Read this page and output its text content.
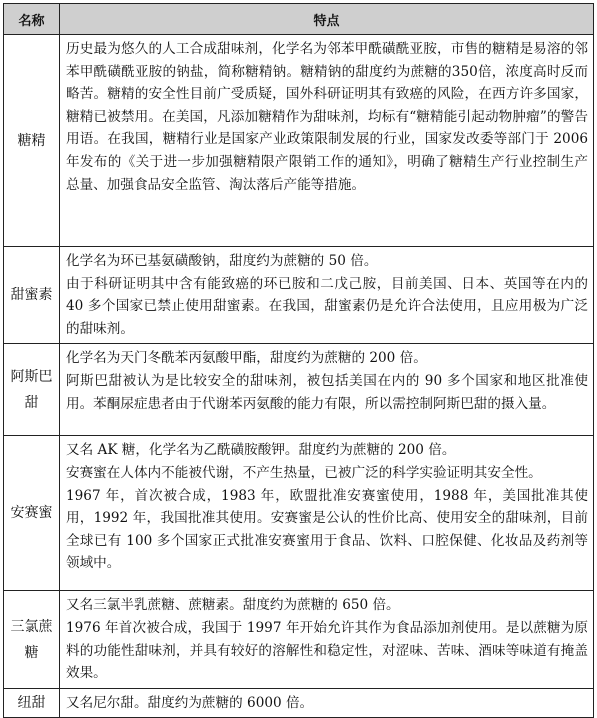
名称	特点
糖精	历史最为悠久的人工合成甜味剂，化学名为邻苯甲酰磺酰亚胺，市售的糖精是易溶的邻苯甲酰磺酰亚胺的钠盐，简称糖精钠。糖精钠的甜度约为蔗糖的350倍，浓度高时反而略苦。糖精的安全性目前广受质疑，国外科研证明其有致癌的风险，在西方许多国家，糖精已被禁用。在美国，凡添加糖精作为甜味剂，均标有“糖精能引起动物肿瘤”的警告用语。在我国，糖精行业是国家产业政策限制发展的行业，国家发改委等部门于 2006 年发布的《关于进一步加强糖精限产限销工作的通知》，明确了糖精生产行业控制生产总量、加强食品安全监管、淘汰落后产能等措施。

甜蜜素	化学名为环已基氨磺酸钠，甜度约为蔗糖的 50 倍。

由于科研证明其中含有能致癌的环已胺和二戊己胺，目前美国、日本、英国等在内的 40 多个国家已禁止使用甜蜜素。在我国，甜蜜素仍是允许合法使用，且应用极为广泛的甜味剂。

阿斯巴甜	化学名为天门冬酰苯丙氨酸甲酯，甜度约为蔗糖的 200 倍。

阿斯巴甜被认为是比较安全的甜味剂，被包括美国在内的 90 多个国家和地区批准使用。苯酮尿症患者由于代谢苯丙氨酸的能力有限，所以需控制阿斯巴甜的摄入量。

安赛蜜	又名 AK 糖，化学名为乙酰磺胺酸钾。甜度约为蔗糖的 200 倍。

安赛蜜在人体内不能被代谢，不产生热量，已被广泛的科学实验证明其安全性。

1967 年，首次被合成，1983 年，欧盟批准安赛蜜使用，1988 年，美国批准其使用，1992 年，我国批准其使用。安赛蜜是公认的性价比高、使用安全的甜味剂，目前全球已有 100 多个国家正式批准安赛蜜用于食品、饮料、口腔保健、化妆品及药剂等领域中。

三氯蔗糖	又名三氯半乳蔗糖、蔗糖素。甜度约为蔗糖的 650 倍。

1976 年首次被合成，我国于 1997 年开始允许其作为食品添加剂使用。是以蔗糖为原料的功能性甜味剂，并具有较好的溶解性和稳定性，对涩味、苦味、酒味等味道有掩盖效果。

纽甜	又名尼尔甜。甜度约为蔗糖的 6000 倍。
